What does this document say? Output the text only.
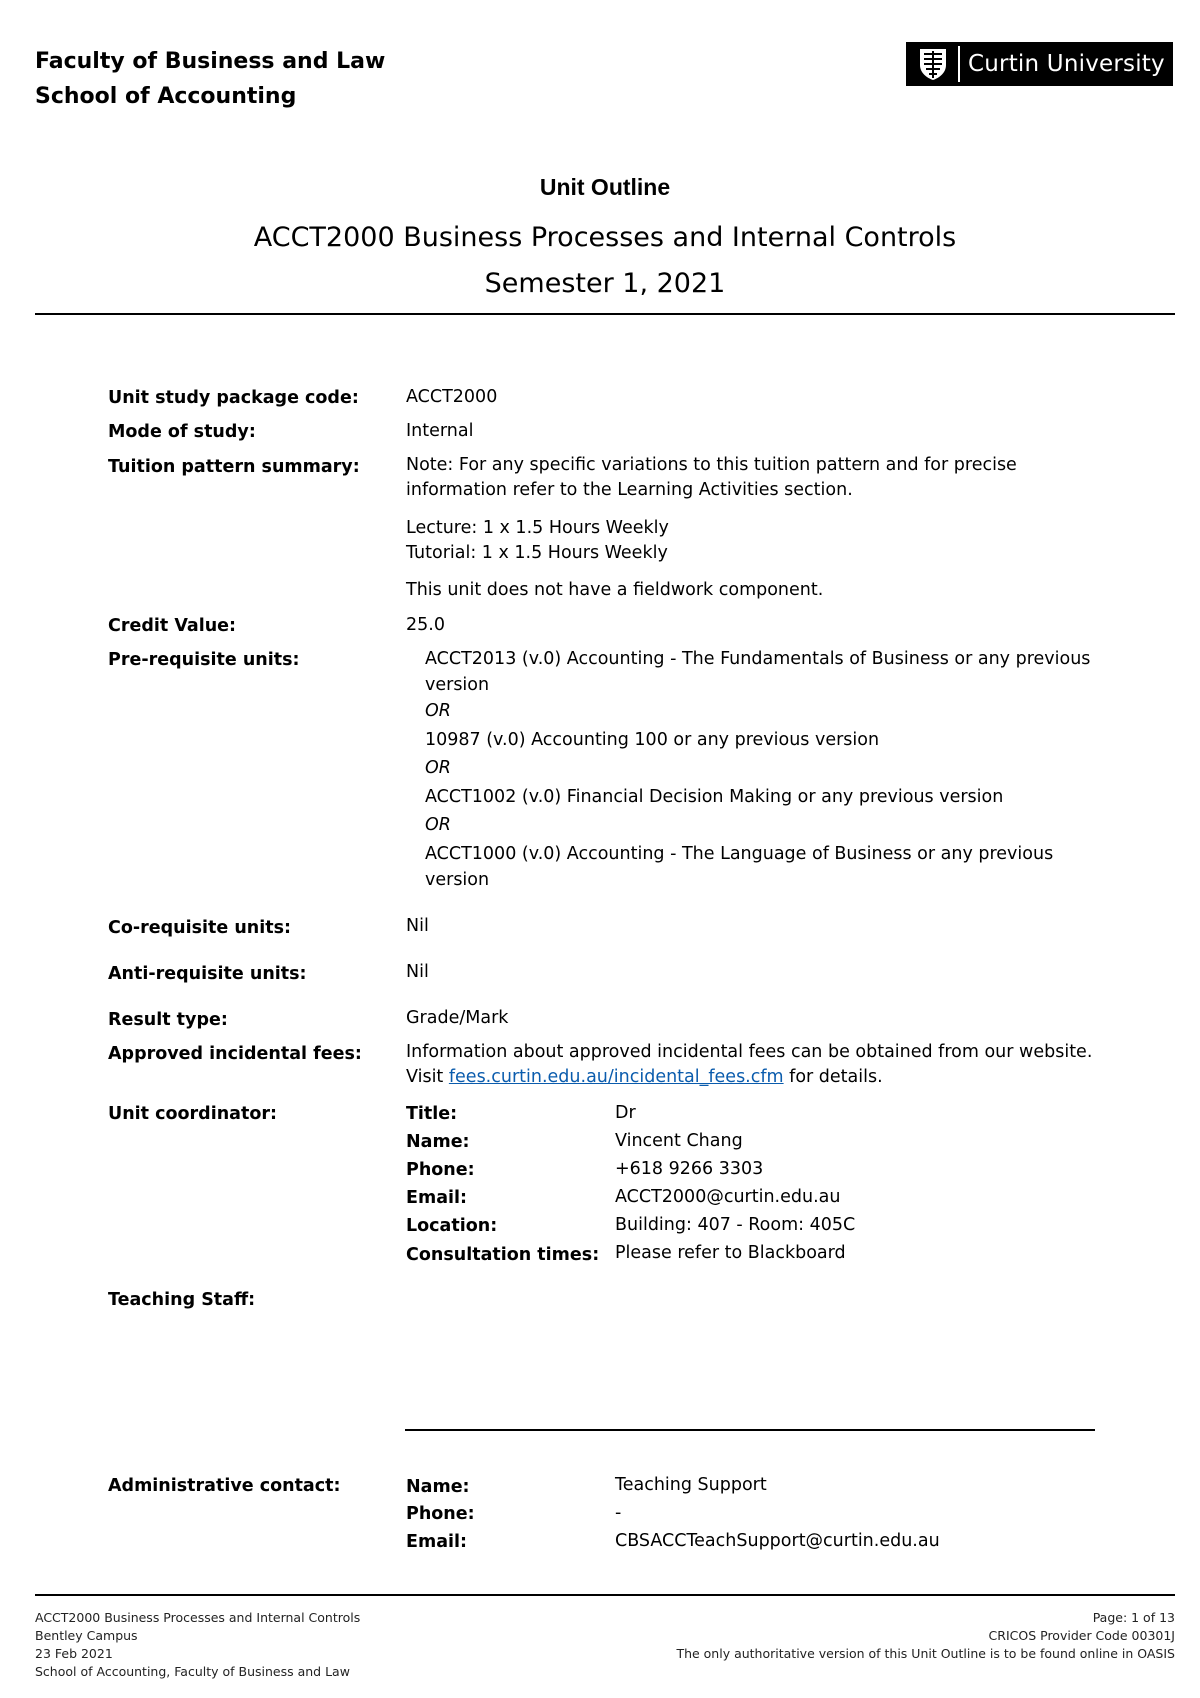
Faculty of Business and Law
School of Accounting
Curtin University
Unit Outline
ACCT2000 Business Processes and Internal Controls
Semester 1, 2021
Unit study package code:	ACCT2000
Mode of study:	Internal
Tuition pattern summary:	Note: For any specific variations to this tuition pattern and for precise
information refer to the Learning Activities section.
Lecture: 1 x 1.5 Hours Weekly
Tutorial: 1 x 1.5 Hours Weekly
This unit does not have a fieldwork component.
Credit Value:	25.0
Pre-requisite units:	ACCT2013 (v.0) Accounting - The Fundamentals of Business or any previous
version
OR
10987 (v.0) Accounting 100 or any previous version
OR
ACCT1002 (v.0) Financial Decision Making or any previous version
OR
ACCT1000 (v.0) Accounting - The Language of Business or any previous
version
Co-requisite units:	Nil
Anti-requisite units:	Nil
Result type:	Grade/Mark
Approved incidental fees:	Information about approved incidental fees can be obtained from our website.
Visit fees.curtin.edu.au/incidental_fees.cfm for details.
Unit coordinator:	Title:	Dr
Name:	Vincent Chang
Phone:	+618 9266 3303
Email:	ACCT2000@curtin.edu.au
Location:	Building: 407 - Room: 405C
Consultation times: Please refer to Blackboard
Teaching Staff:
Administrative contact:	Name:	Teaching Support
Phone:	-
Email:	CBSACCTeachSupport@curtin.edu.au
ACCT2000 Business Processes and Internal Controls
Bentley Campus
23 Feb 2021
School of Accounting, Faculty of Business and Law
Page: 1 of 13
CRICOS Provider Code 00301J
The only authoritative version of this Unit Outline is to be found online in OASIS
